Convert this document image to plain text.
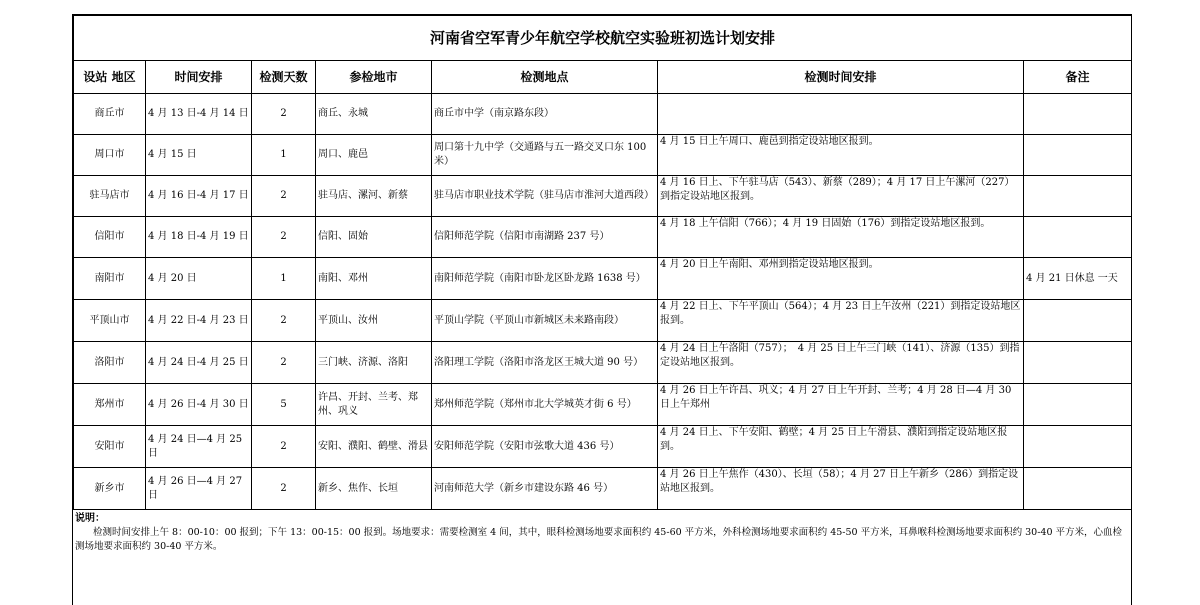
河南省空军青少年航空学校航空实验班初选计划安排						
设站 地区	时间安排	检测天数	参检地市	检测地点	检测时间安排	备注
商丘市	4 月 13 日-4 月 14 日	2	商丘、永城	商丘市中学（南京路东段）		
周口市	4 月 15 日	1	周口、鹿邑	周口第十九中学（交通路与五一路交叉口东 100 米）	4 月 15 日上午周口、鹿邑到指定设站地区报到。	
驻马店市	4 月 16 日-4 月 17 日	2	驻马店、漯河、新蔡	驻马店市职业技术学院（驻马店市淮河大道西段）	4 月 16 日上、下午驻马店（543）、新蔡（289）；4 月 17 日上午漯河（227）到指定设站地区报到。	
信阳市	4 月 18 日-4 月 19 日	2	信阳、固始	信阳师范学院（信阳市南湖路 237 号）	4 月 18 上午信阳（766）；4 月 19 日固始（176）到指定设站地区报到。	
南阳市	4 月 20 日	1	南阳、邓州	南阳师范学院（南阳市卧龙区卧龙路 1638 号）	4 月 20 日上午南阳、邓州到指定设站地区报到。	4 月 21 日休息 一天
平顶山市	4 月 22 日-4 月 23 日	2	平顶山、汝州	平顶山学院（平顶山市新城区未来路南段）	4 月 22 日上、下午平顶山（564）；4 月 23 日上午汝州（221）到指定设站地区报到。	
洛阳市	4 月 24 日-4 月 25 日	2	三门峡、济源、洛阳	洛阳理工学院（洛阳市洛龙区王城大道 90 号）	4 月 24 日上午洛阳（757）；　4 月 25 日上午三门峡（141）、济源（135）到指定设站地区报到。	
郑州市	4 月 26 日-4 月 30 日	5	许昌、开封、兰考、郑州、巩义	郑州师范学院（郑州市北大学城英才街 6 号）	4 月 26 日上午许昌、巩义；4 月 27 日上午开封、兰考；4 月 28 日—4 月 30 日上午郑州	
安阳市	4 月 24 日—4 月 25 日	2	安阳、濮阳、鹤壁、滑县	安阳师范学院（安阳市弦歌大道 436 号）	4 月 24 日上、下午安阳、鹤壁；4 月 25 日上午滑县、濮阳到指定设站地区报到。	
新乡市	4 月 26 日—4 月 27 日	2	新乡、焦作、长垣	河南师范大学（新乡市建设东路 46 号）	4 月 26 日上午焦作（430）、长垣（58）；4 月 27 日上午新乡（286）到指定设站地区报到。	
说明：
检测时间安排上午 8：00-10：00 报到；下午 13：00-15：00 报到。场地要求：需要检测室 4 间，其中，眼科检测场地要求面积约 45-60 平方米，外科检测场地要求面积约 45-50 平方米，耳鼻喉科检测场地要求面积约 30-40 平方米，心血检测场地要求面积约 30-40 平方米。
